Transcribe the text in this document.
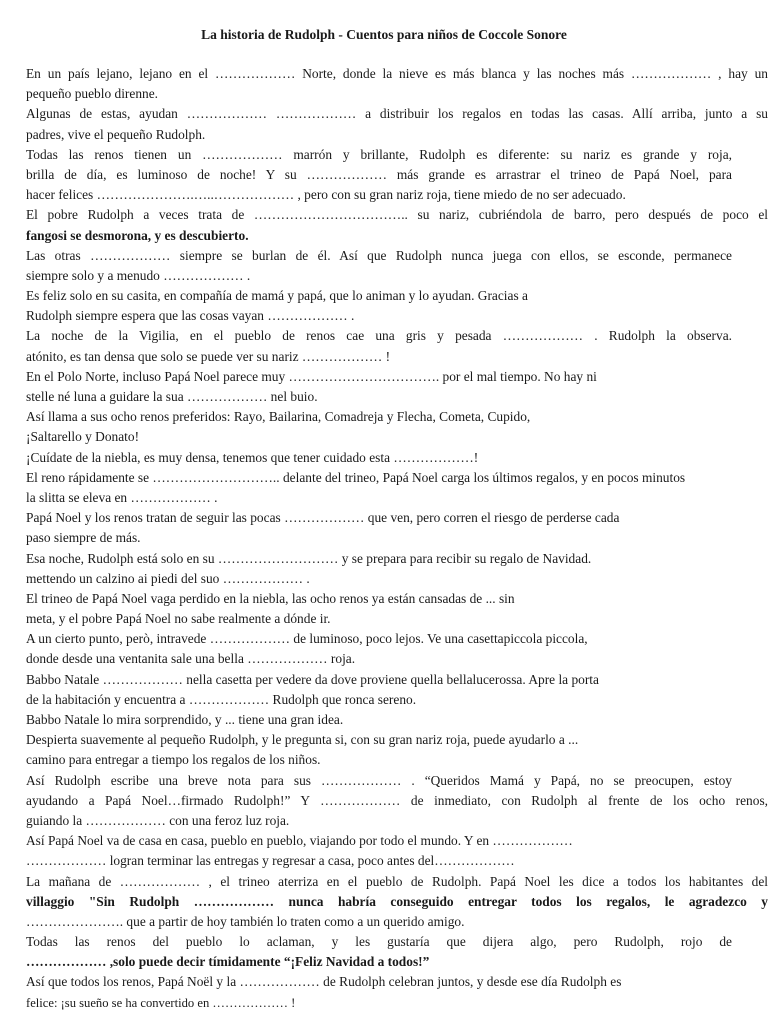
La historia de Rudolph - Cuentos para niños de Coccole Sonore
En un país lejano, lejano en el ……………… Norte, donde la nieve es más blanca y las noches más ……………… , hay un
pequeño pueblo direnne.
Algunas de estas, ayudan ……………… ……………… a distribuir los regalos en todas las casas. Allí arriba, junto a su
padres, vive el pequeño Rudolph.
Todas las renos tienen un ……………… marrón y brillante, Rudolph es diferente: su nariz es grande y roja,
brilla de día, es luminoso de noche! Y su ……………… más grande es arrastrar el trineo de Papá Noel, para
hacer felices ………………….…..……………… , pero con su gran nariz roja, tiene miedo de no ser adecuado.
El pobre Rudolph a veces trata de …………………………….. su nariz, cubriéndola de barro, pero después de poco el
fangosi se desmorona, y es descubierto.
Las otras ……………… siempre se burlan de él. Así que Rudolph nunca juega con ellos, se esconde, permanece
siempre solo y a menudo ……………… .
Es feliz solo en su casita, en compañía de mamá y papá, que lo animan y lo ayudan. Gracias a
Rudolph siempre espera que las cosas vayan ……………… .
La noche de la Vigilia, en el pueblo de renos cae una gris y pesada ……………… . Rudolph la observa.
atónito, es tan densa que solo se puede ver su nariz ……………… !
En el Polo Norte, incluso Papá Noel parece muy ……………………………. por el mal tiempo. No hay ni
stelle né luna a guidare la sua ……………… nel buio.
Así llama a sus ocho renos preferidos: Rayo, Bailarina, Comadreja y Flecha, Cometa, Cupido,
¡Saltarello y Donato!
¡Cuídate de la niebla, es muy densa, tenemos que tener cuidado esta ………………!
El reno rápidamente se ……………………….. delante del trineo, Papá Noel carga los últimos regalos, y en pocos minutos
la slitta se eleva en ……………… .
Papá Noel y los renos tratan de seguir las pocas ……………… que ven, pero corren el riesgo de perderse cada
paso siempre de más.
Esa noche, Rudolph está solo en su ……………………… y se prepara para recibir su regalo de Navidad.
mettendo un calzino ai piedi del suo ……………… .
El trineo de Papá Noel vaga perdido en la niebla, las ocho renos ya están cansadas de ... sin
meta, y el pobre Papá Noel no sabe realmente a dónde ir.
A un cierto punto, però, intravede ……………… de luminoso, poco lejos. Ve una casettapiccola piccola,
donde desde una ventanita sale una bella ……………… roja.
Babbo Natale ……………… nella casetta per vedere da dove proviene quella bellalucerossa. Apre la porta
de la habitación y encuentra a ……………… Rudolph que ronca sereno.
Babbo Natale lo mira sorprendido, y ... tiene una gran idea.
Despierta suavemente al pequeño Rudolph, y le pregunta si, con su gran nariz roja, puede ayudarlo a ...
camino para entregar a tiempo los regalos de los niños.
Así Rudolph escribe una breve nota para sus ……………… . “Queridos Mamá y Papá, no se preocupen, estoy
ayudando a Papá Noel…firmado Rudolph!” Y ……………… de inmediato, con Rudolph al frente de los ocho renos,
guiando la ……………… con una feroz luz roja.
Así Papá Noel va de casa en casa, pueblo en pueblo, viajando por todo el mundo. Y en ………………
……………… logran terminar las entregas y regresar a casa, poco antes del………………
La mañana de ……………… , el trineo aterriza en el pueblo de Rudolph. Papá Noel les dice a todos los habitantes del
villaggio "Sin Rudolph ……………… nunca habría conseguido entregar todos los regalos, le agradezco y
…………………. que a partir de hoy también lo traten como a un querido amigo.
Todas las renos del pueblo lo aclaman, y les gustaría que dijera algo, pero Rudolph, rojo de
……………… ,solo puede decir tímidamente “¡Feliz Navidad a todos!”
Así que todos los renos, Papá Noël y la ……………… de Rudolph celebran juntos, y desde ese día Rudolph es
felice: ¡su sueño se ha convertido en ……………… !
